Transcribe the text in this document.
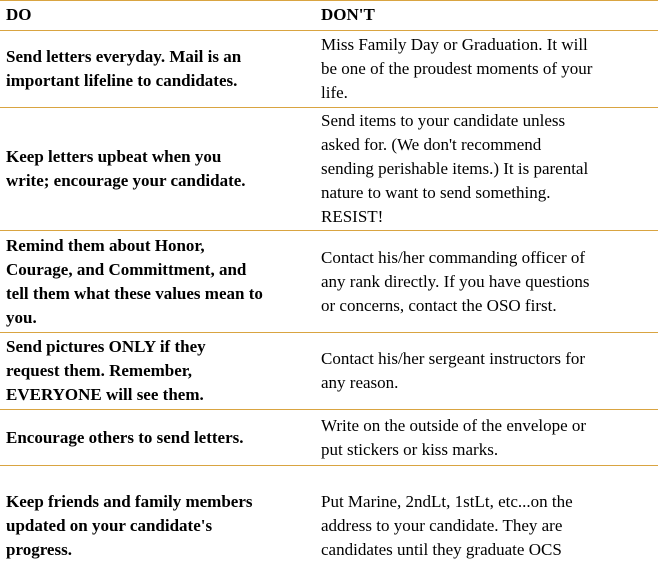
DO	DON'T
Send letters everyday. Mail is an
important lifeline to candidates.
Miss Family Day or Graduation. It will
be one of the proudest moments of your
life.
Keep letters upbeat when you
write; encourage your candidate.
Send items to your candidate unless
asked for. (We don't recommend
sending perishable items.) It is parental
nature to want to send something.
RESIST!
Remind them about Honor,
Courage, and Committment, and
tell them what these values mean to
you.
Contact his/her commanding officer of
any rank directly. If you have questions
or concerns, contact the OSO first.
Send pictures ONLY if they
request them. Remember,
EVERYONE will see them.
Contact his/her sergeant instructors for
any reason.
Encourage others to send letters.
Write on the outside of the envelope or
put stickers or kiss marks.
Keep friends and family members
updated on your candidate's
progress.
Put Marine, 2ndLt, 1stLt, etc...on the
address to your candidate. They are
candidates until they graduate OCS
